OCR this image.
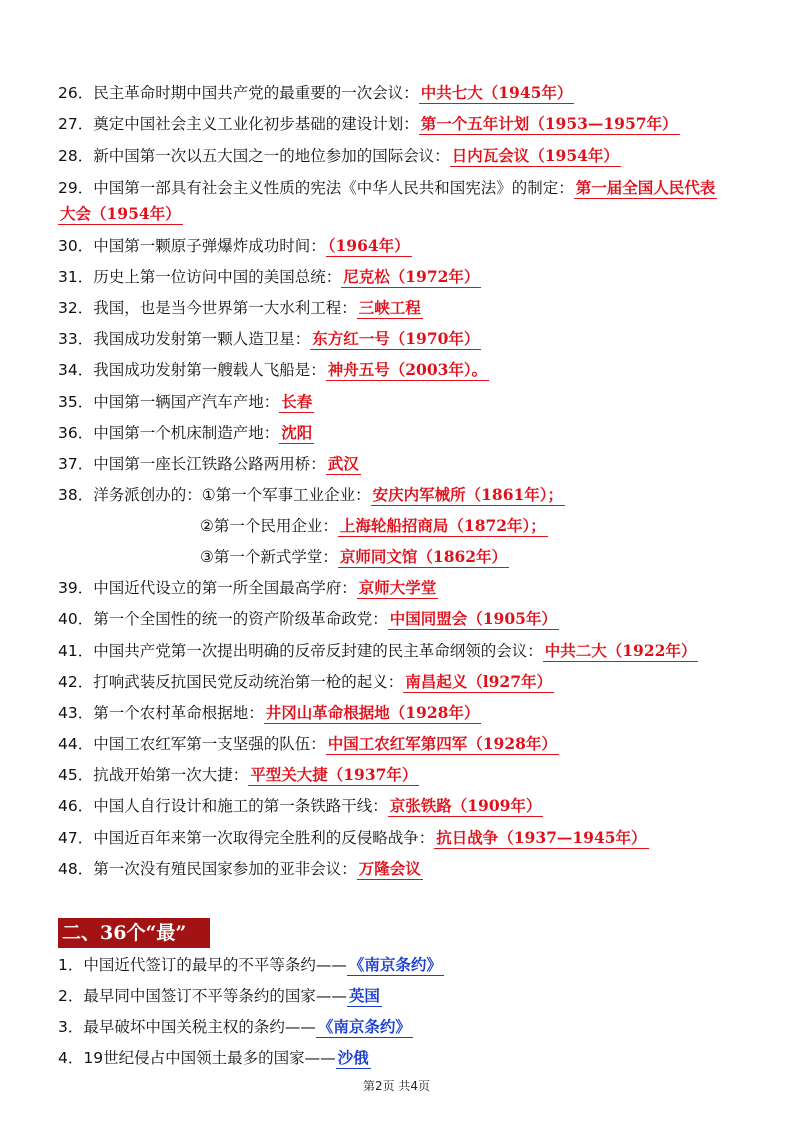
26．民主革命时期中国共产党的最重要的一次会议： 中共七大（1945年）
27．奠定中国社会主义工业化初步基础的建设计划： 第一个五年计划（1953—1957年）
28．新中国第一次以五大国之一的地位参加的国际会议： 日内瓦会议（1954年）
29．中国第一部具有社会主义性质的宪法《中华人民共和国宪法》的制定： 第一届全国人民代表
大会（1954年）
30．中国第一颗原子弹爆炸成功时间： （1964年）
31．历史上第一位访问中国的美国总统： 尼克松（1972年）
32．我国，也是当今世界第一大水利工程： 三峡工程
33．我国成功发射第一颗人造卫星： 东方红一号（1970年）
34．我国成功发射第一艘载人飞船是： 神舟五号（2003年）。
35．中国第一辆国产汽车产地： 长春
36．中国第一个机床制造产地： 沈阳
37．中国第一座长江铁路公路两用桥： 武汉
38．洋务派创办的：①第一个军事工业企业： 安庆内军械所（1861年）；
②第一个民用企业： 上海轮船招商局（1872年）；
③第一个新式学堂： 京师同文馆（1862年）
39．中国近代设立的第一所全国最高学府： 京师大学堂
40．第一个全国性的统一的资产阶级革命政党： 中国同盟会（1905年）
41．中国共产党第一次提出明确的反帝反封建的民主革命纲领的会议： 中共二大（1922年）
42．打响武装反抗国民党反动统治第一枪的起义： 南昌起义（l927年）
43．第一个农村革命根据地： 井冈山革命根据地（1928年）
44．中国工农红军第一支坚强的队伍： 中国工农红军第四军（1928年）
45．抗战开始第一次大捷： 平型关大捷（1937年）
46．中国人自行设计和施工的第一条铁路干线： 京张铁路（1909年）
47．中国近百年来第一次取得完全胜利的反侵略战争： 抗日战争（1937—1945年）
48．第一次没有殖民国家参加的亚非会议： 万隆会议
二、36个“最”
1．中国近代签订的最早的不平等条约—— 《南京条约》
2．最早同中国签订不平等条约的国家—— 英国
3．最早破坏中国关税主权的条约—— 《南京条约》
4．19世纪侵占中国领土最多的国家—— 沙俄
第2页 共4页
